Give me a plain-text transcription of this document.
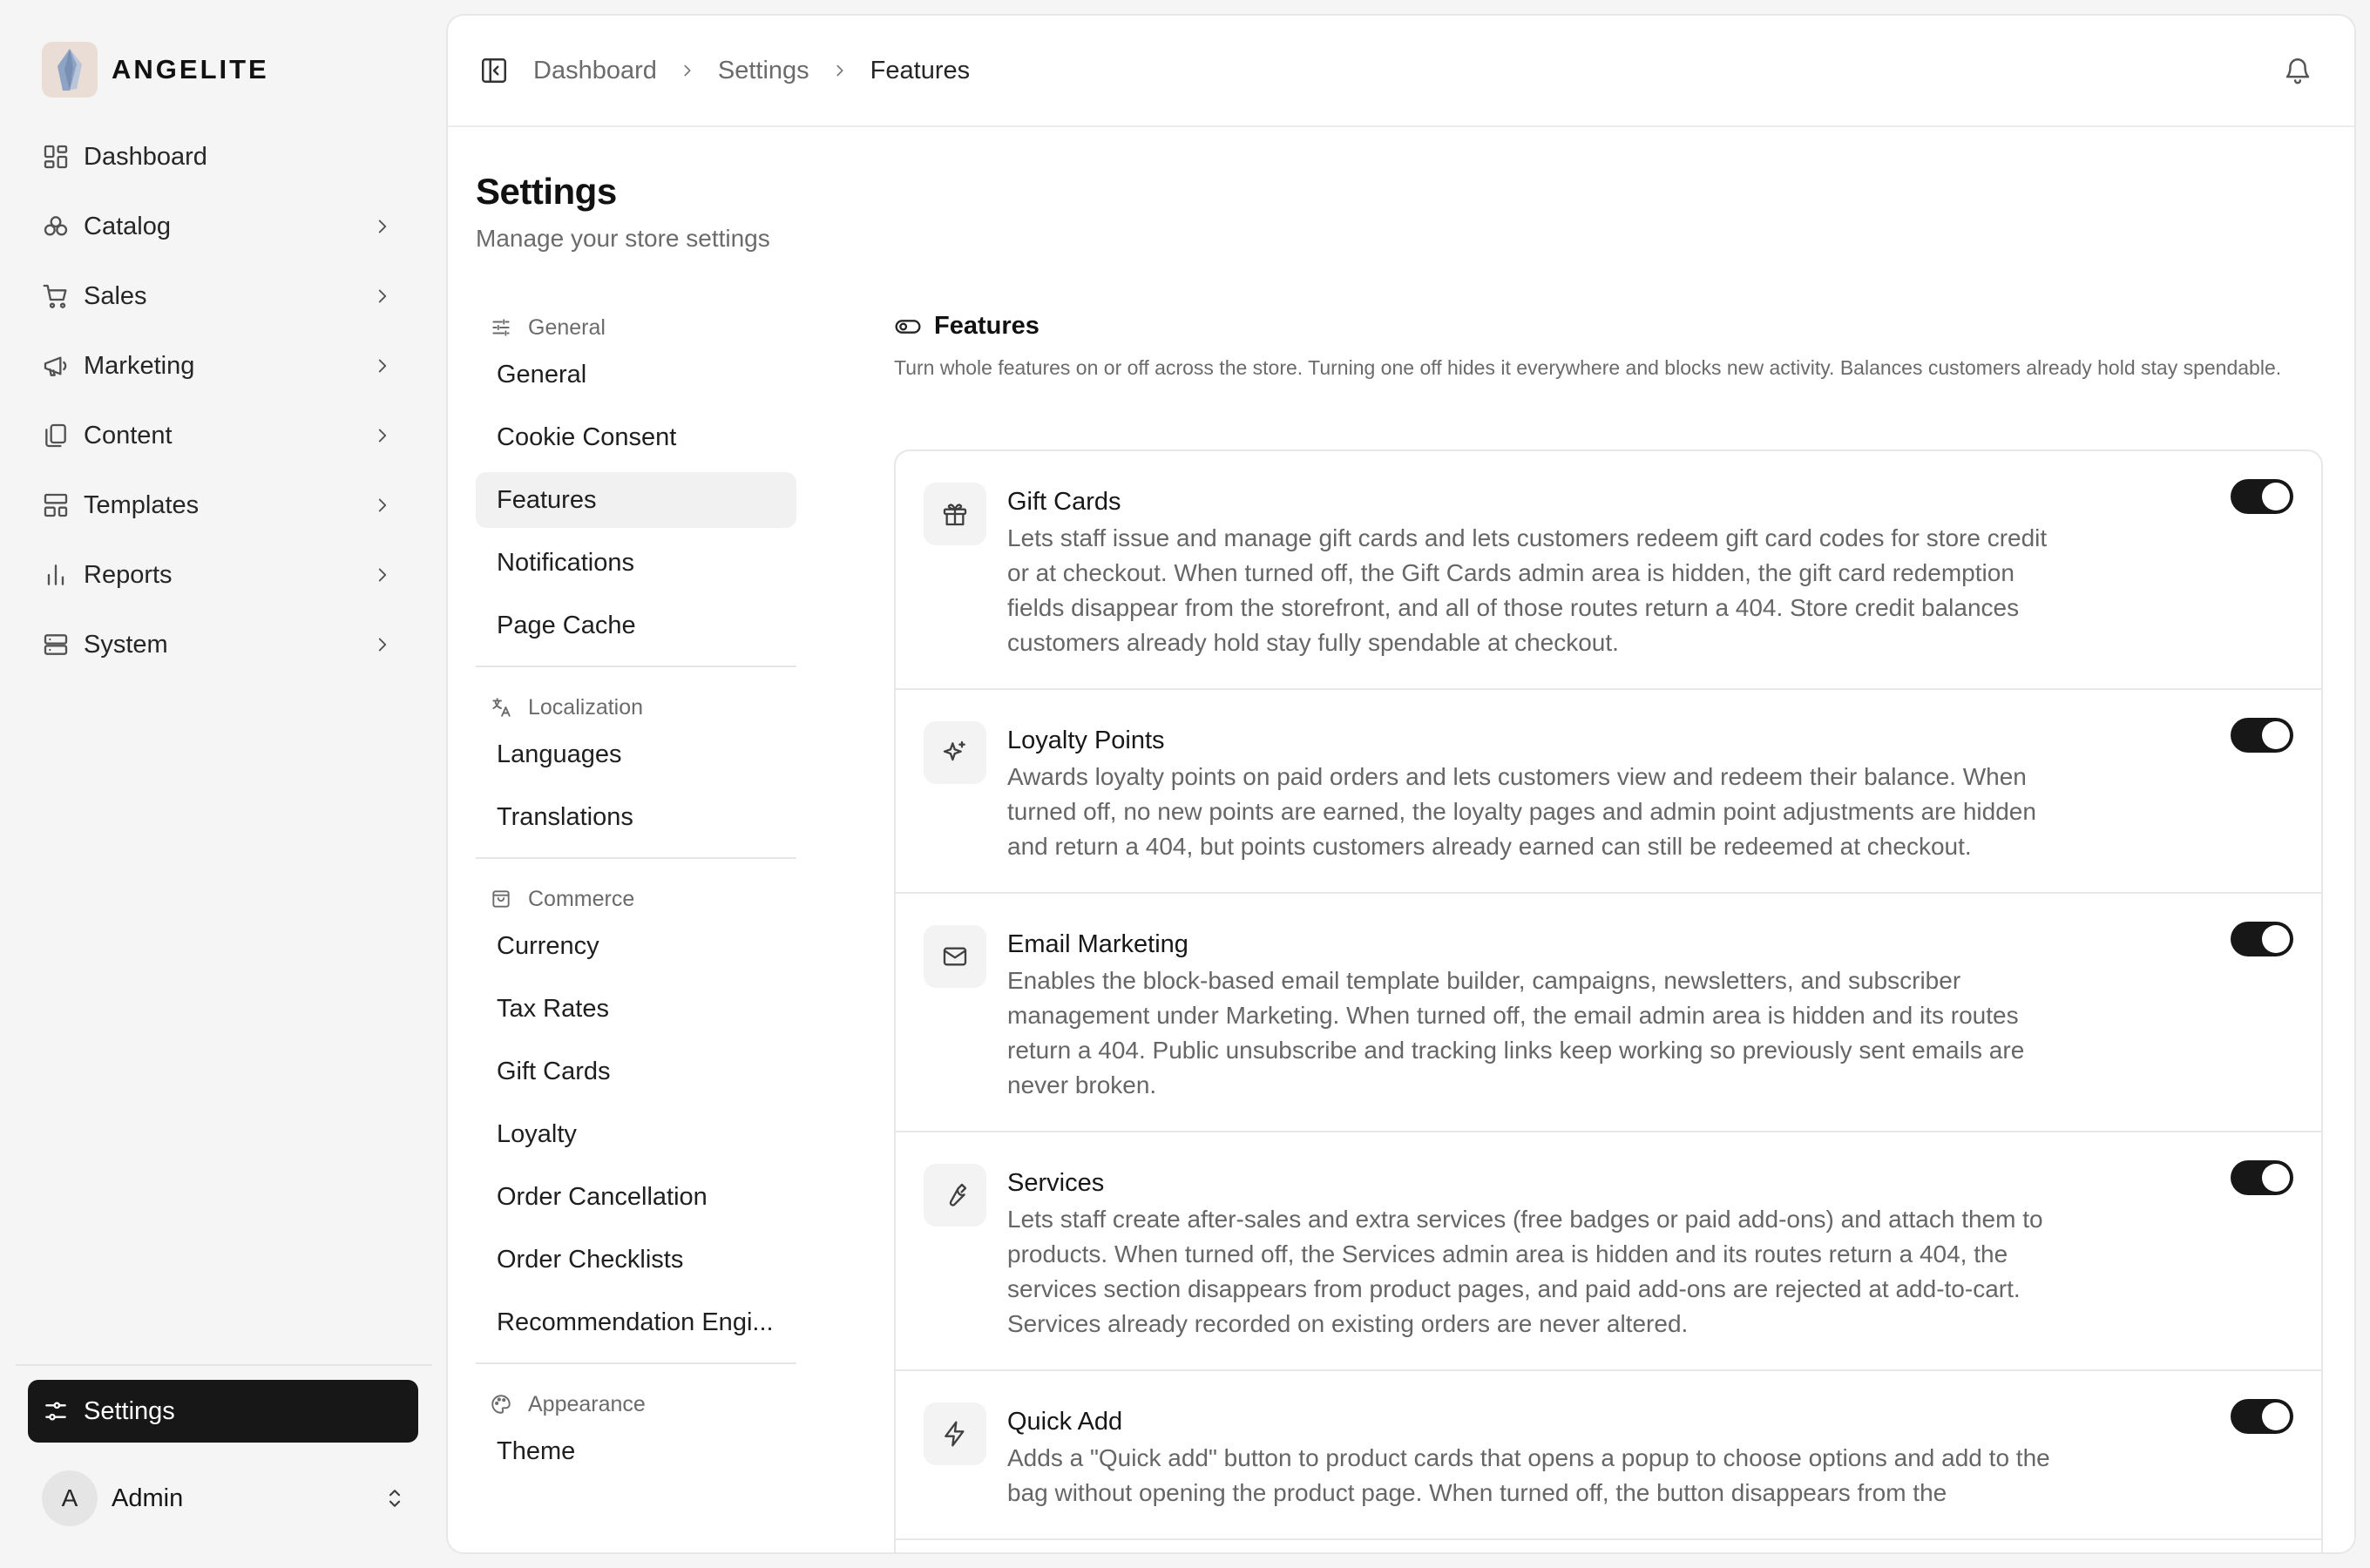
ANGELITE
Dashboard
Catalog
Sales
Marketing
Content
Templates
Reports
System
Settings
A	Admin
Dashboard Settings Features
Settings
Manage your store settings
General
General
Cookie Consent
Features
Notifications
Page Cache
Localization
Languages
Translations
Commerce
Currency
Tax Rates
Gift Cards
Loyalty
Order Cancellation
Order Checklists
Recommendation Engi...
Appearance
Theme
Features

Turn whole features on or off across the store. Turning one off hides it everywhere and blocks new activity. Balances customers already hold stay spendable.

Gift Cards
Lets staff issue and manage gift cards and lets customers redeem gift card codes for store credit or at checkout. When turned off, the Gift Cards admin area is hidden, the gift card redemption fields disappear from the storefront, and all of those routes return a 404. Store credit balances customers already hold stay fully spendable at checkout.
Loyalty Points
Awards loyalty points on paid orders and lets customers view and redeem their balance. When turned off, no new points are earned, the loyalty pages and admin point adjustments are hidden and return a 404, but points customers already earned can still be redeemed at checkout.
Email Marketing
Enables the block-based email template builder, campaigns, newsletters, and subscriber management under Marketing. When turned off, the email admin area is hidden and its routes return a 404. Public unsubscribe and tracking links keep working so previously sent emails are never broken.
Services
Lets staff create after-sales and extra services (free badges or paid add-ons) and attach them to products. When turned off, the Services admin area is hidden and its routes return a 404, the services section disappears from product pages, and paid add-ons are rejected at add-to-cart. Services already recorded on existing orders are never altered.
Quick Add
Adds a "Quick add" button to product cards that opens a popup to choose options and add to the bag without opening the product page. When turned off, the button disappears from the
